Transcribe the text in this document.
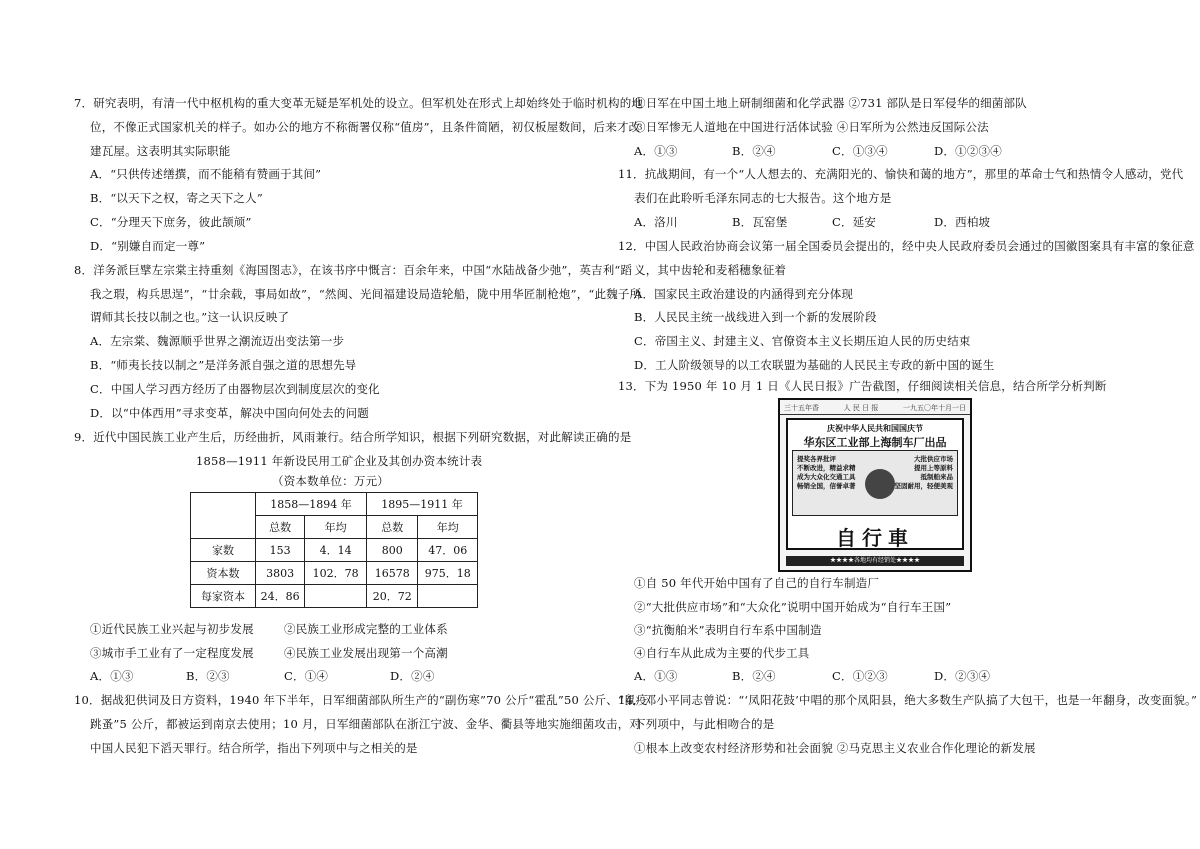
7．研究表明，有清一代中枢机构的重大变革无疑是军机处的设立。但军机处在形式上却始终处于临时机构的地
位，不像正式国家机关的样子。如办公的地方不称衙署仅称“值房”，且条件简陋，初仅板屋数间，后来才改
建瓦屋。这表明其实际职能
A．“只供传述缮撰，而不能稍有赞画于其间”
B．“以天下之权，寄之天下之人”
C．“分理天下庶务，彼此颉颃”
D．“别嫌自而定一尊”
8．洋务派巨擘左宗棠主持重刻《海国图志》，在该书序中慨言：百余年来，中国“水陆战备少弛”，英吉利“蹈
我之瑕，构兵思逞”，“廿余载，事局如故”，“然闽、光间福建设局造轮船，陇中用华匠制枪炮”，“此魏子所
谓师其长技以制之也。”这一认识反映了
A．左宗棠、魏源顺乎世界之潮流迈出变法第一步
B．“师夷长技以制之”是洋务派自强之道的思想先导
C．中国人学习西方经历了由器物层次到制度层次的变化
D．以“中体西用”寻求变革，解决中国向何处去的问题
9．近代中国民族工业产生后，历经曲折，风雨兼行。结合所学知识，根据下列研究数据，对此解读正确的是
1858—1911 年新设民用工矿企业及其创办资本统计表
（资本数单位：万元）
	1858—1894 年		1895—1911 年	
	总数	年均	总数	年均
家数	153	4．14	800	47．06
资本数	3803	102．78	16578	975．18
每家资本	24．86		20．72	
①近代民族工业兴起与初步发展	②民族工业形成完整的工业体系
③城市手工业有了一定程度发展	④民族工业发展出现第一个高潮
A．①③	B．②③	C．①④	D．②④
10．据战犯供词及日方资料，1940 年下半年，日军细菌部队所生产的“副伤寒”70 公斤“霍乱”50 公斤、“鼠疫
跳蚤”5 公斤，都被运到南京去使用；10 月，日军细菌部队在浙江宁波、金华、衢县等地实施细菌攻击，对
中国人民犯下滔天罪行。结合所学，指出下列项中与之相关的是
①日军在中国土地上研制细菌和化学武器 ②731 部队是日军侵华的细菌部队
③日军惨无人道地在中国进行活体试验 ④日军所为公然违反国际公法
A．①③	B．②④	C．①③④	D．①②③④
11．抗战期间，有一个“人人想去的、充满阳光的、愉快和蔼的地方”，那里的革命士气和热情令人感动，党代
表们在此聆听毛泽东同志的七大报告。这个地方是
A．洛川	B．瓦窑堡	C．延安	D．西柏坡
12．中国人民政治协商会议第一届全国委员会提出的，经中央人民政府委员会通过的国徽图案具有丰富的象征意
义，其中齿轮和麦稻穗象征着
A．国家民主政治建设的内涵得到充分体现
B．人民民主统一战线进入到一个新的发展阶段
C．帝国主义、封建主义、官僚资本主义长期压迫人民的历史结束
D．工人阶级领导的以工农联盟为基础的人民民主专政的新中国的诞生
13．下为 1950 年 10 月 1 日《人民日报》广告截图，仔细阅读相关信息，结合所学分析判断
①自 50 年代开始中国有了自己的自行车制造厂
②“大批供应市场”和“大众化”说明中国开始成为“自行车王国”
③“抗衡舶米”表明自行车系中国制造
④自行车从此成为主要的代步工具
A．①③	B．②④	C．①②③	D．②③④
14．邓小平同志曾说：“‘凤阳花鼓’中唱的那个凤阳县，绝大多数生产队搞了大包干，也是一年翻身，改变面貌。”
下列项中，与此相吻合的是
①根本上改变农村经济形势和社会面貌 ②马克思主义农业合作化理论的新发展
三十五年香	人 民 日 报	一九五〇年十月一日
庆祝中华人民共和国国庆节
华东区工业部上海制车厂出品
提奖各界批评
不断改进，精益求精
成为大众化交通工具
畅销全国，信誉卓著
大批供应市场
提用上等原料
抵制舶来品
坚固耐用，轻便美观
自行車
★★★★各地均有经销处★★★★
